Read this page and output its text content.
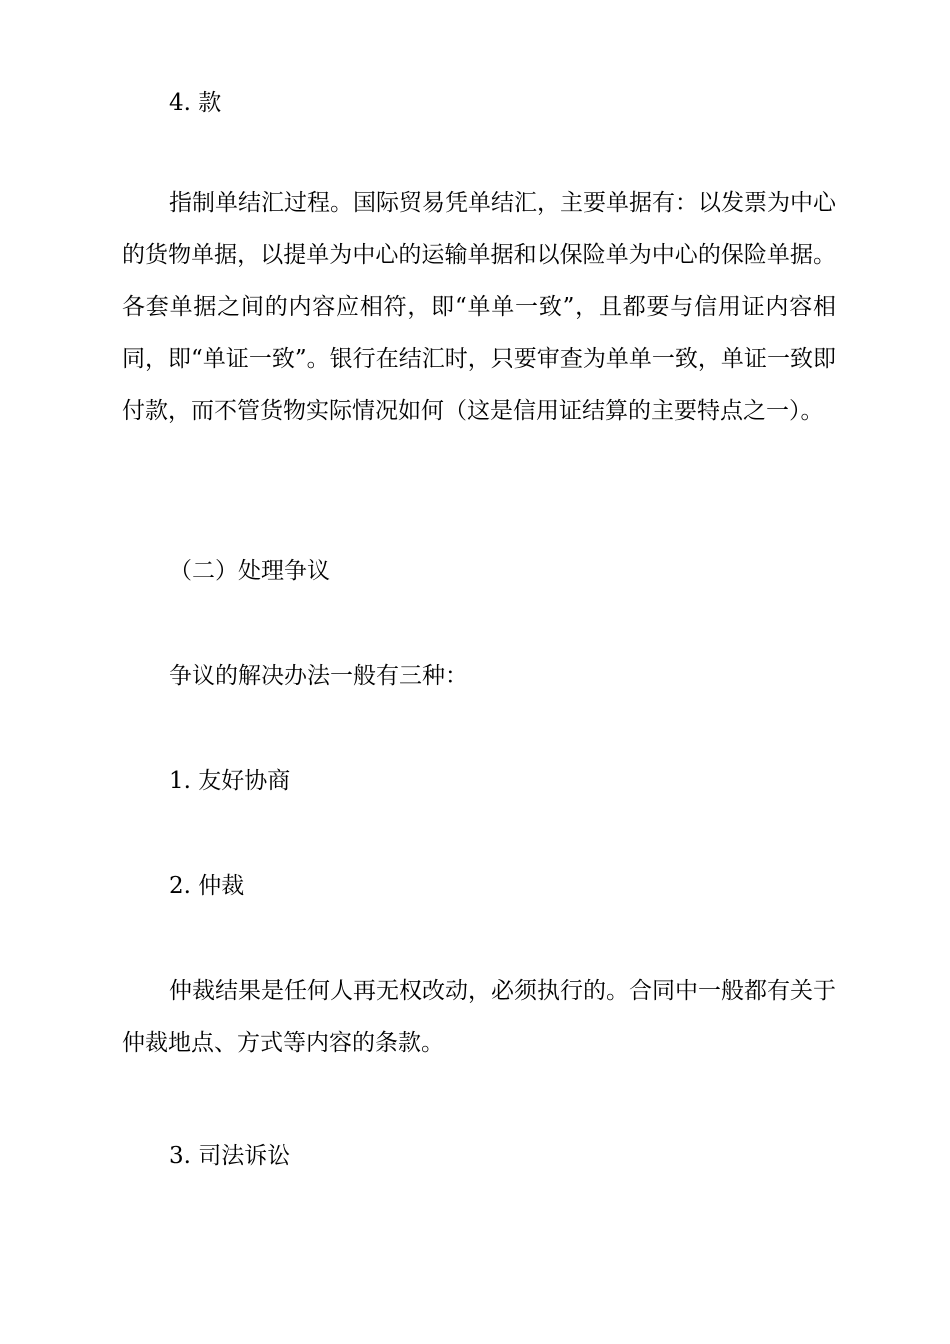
4. 款

指制单结汇过程。国际贸易凭单结汇，主要单据有：以发票为中心的货物单据，以提单为中心的运输单据和以保险单为中心的保险单据。各套单据之间的内容应相符，即“单单一致”，且都要与信用证内容相同，即“单证一致”。银行在结汇时，只要审查为单单一致，单证一致即付款，而不管货物实际情况如何（这是信用证结算的主要特点之一）。

（二）处理争议

争议的解决办法一般有三种：

1. 友好协商

2. 仲裁

仲裁结果是任何人再无权改动，必须执行的。合同中一般都有关于仲裁地点、方式等内容的条款。

3. 司法诉讼
